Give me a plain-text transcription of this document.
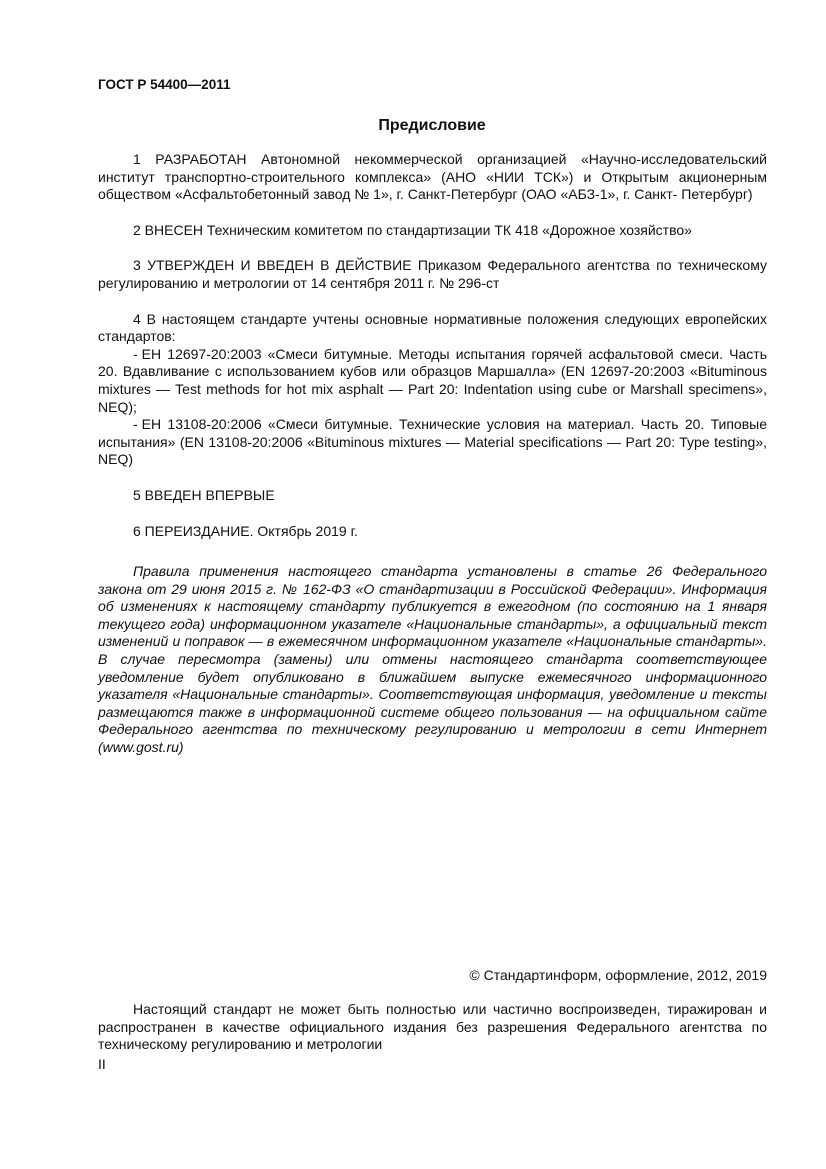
ГОСТ Р 54400—2011
Предисловие

1 РАЗРАБОТАН Автономной некоммерческой организацией «Научно-исследовательский институт транспортно-строительного комплекса» (АНО «НИИ ТСК») и Открытым акционерным обществом «Асфальтобетонный завод № 1», г. Санкт-Петербург (ОАО «АБЗ-1», г. Санкт- Петербург)

2 ВНЕСЕН Техническим комитетом по стандартизации ТК 418 «Дорожное хозяйство»

3 УТВЕРЖДЕН И ВВЕДЕН В ДЕЙСТВИЕ Приказом Федерального агентства по техническому регулированию и метрологии от 14 сентября 2011 г. № 296-ст

4 В настоящем стандарте учтены основные нормативные положения следующих европейских стандартов:

- ЕН 12697-20:2003 «Смеси битумные. Методы испытания горячей асфальтовой смеси. Часть 20. Вдавливание с использованием кубов или образцов Маршалла» (EN 12697-20:2003 «Bituminous mixtures — Test methods for hot mix asphalt — Part 20: Indentation using cube or Marshall specimens», NEQ);

- ЕН 13108-20:2006 «Смеси битумные. Технические условия на материал. Часть 20. Типовые испытания» (EN 13108-20:2006 «Bituminous mixtures — Material specifications — Part 20: Type testing», NEQ)

5 ВВЕДЕН ВПЕРВЫЕ

6 ПЕРЕИЗДАНИЕ. Октябрь 2019 г.

Правила применения настоящего стандарта установлены в статье 26 Федерального закона от 29 июня 2015 г. № 162-ФЗ «О стандартизации в Российской Федерации». Информация об изменениях к настоящему стандарту публикуется в ежегодном (по состоянию на 1 января текущего года) информационном указателе «Национальные стандарты», а официальный текст изменений и поправок — в ежемесячном информационном указателе «Национальные стандарты». В случае пересмотра (замены) или отмены настоящего стандарта соответствующее уведомление будет опубликовано в ближайшем выпуске ежемесячного информационного указателя «Национальные стандарты». Соответствующая информация, уведомление и тексты размещаются также в информационной системе общего пользования — на официальном сайте Федерального агентства по техническому регулированию и метрологии в сети Интернет (www.gost.ru)

© Стандартинформ, оформление, 2012, 2019

Настоящий стандарт не может быть полностью или частично воспроизведен, тиражирован и распространен в качестве официального издания без разрешения Федерального агентства по техническому регулированию и метрологии

II
